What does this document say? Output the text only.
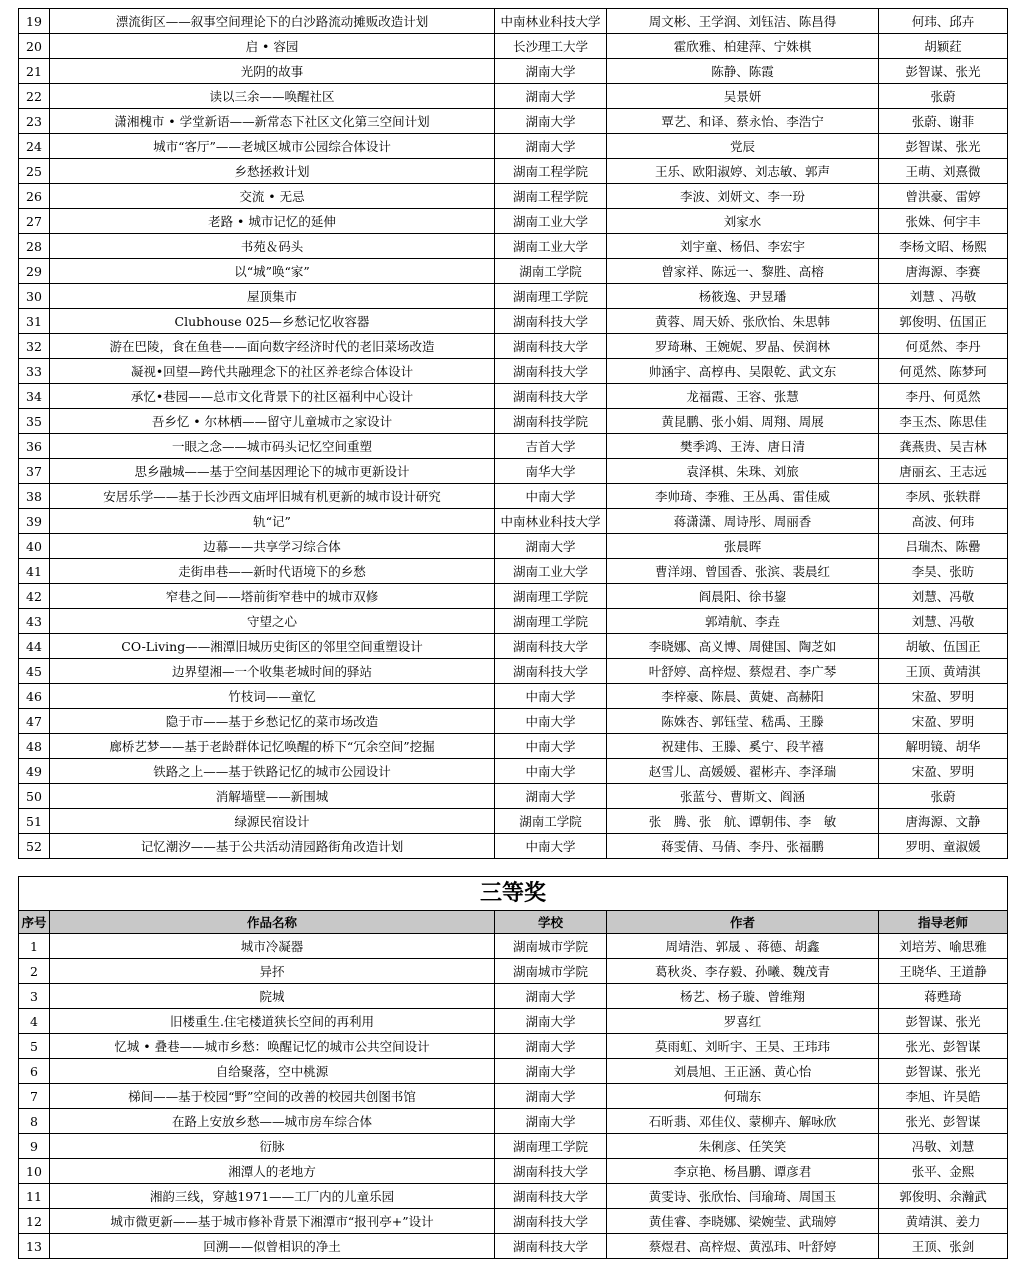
19	漂流街区——叙事空间理论下的白沙路流动摊贩改造计划	中南林业科技大学	周文彬、王学润、刘钰洁、陈昌得	何玮、邱卉
20	启 • 容园	长沙理工大学	霍欣雅、柏建萍、宁姝棋	胡颖荭
21	光阴的故事	湖南大学	陈静、陈霞	彭智谋、张光
22	读以三余——唤醒社区	湖南大学	吴景妍	张蔚
23	潇湘槐市 • 学堂新语——新常态下社区文化第三空间计划	湖南大学	覃艺、和译、蔡永怡、李浩宁	张蔚、谢菲
24	城市“客厅”——老城区城市公园综合体设计	湖南大学	党辰	彭智谋、张光
25	乡愁拯救计划	湖南工程学院	王乐、欧阳淑婷、刘志敏、郭声	王萌、刘熹微
26	交流 • 无忌	湖南工程学院	李波、刘妍文、李一玢	曾洪豪、雷婷
27	老路 • 城市记忆的延伸	湖南工业大学	刘家水	张姝、何宇丰
28	书苑＆码头	湖南工业大学	刘宇童、杨侣、李宏宇	李杨文昭、杨熙
29	以“城”唤“家”	湖南工学院	曾家祥、陈远一、黎胜、高榕	唐海源、李赛
30	屋顶集市	湖南理工学院	杨筱逸、尹昱璠	刘慧 、冯敬
31	Clubhouse 025—乡愁记忆收容器	湖南科技大学	黄蓉、周天娇、张欣怡、朱思韩	郭俊明、伍国正
32	游在巴陵，食在鱼巷——面向数字经济时代的老旧菜场改造	湖南科技大学	罗琦琳、王婉妮、罗晶、侯润林	何觅然、李丹
33	凝视•回望—跨代共融理念下的社区养老综合体设计	湖南科技大学	帅涵宇、高椁冉、吴限乾、武文东	何觅然、陈梦珂
34	承忆•巷园——总市文化背景下的社区福利中心设计	湖南科技大学	龙福霞、王容、张慧	李丹、何觅然
35	吾乡忆 • 尔林栖——留守儿童城市之家设计	湖南科技学院	黄昆鹏、张小娟、周翔、周展	李玉杰、陈思佳
36	一眼之念——城市码头记忆空间重塑	吉首大学	樊季鸿、王涛、唐日清	龚燕贵、吴吉林
37	思乡融城——基于空间基因理论下的城市更新设计	南华大学	袁泽棋、朱珠、刘旅	唐丽玄、王志远
38	安居乐学——基于长沙西文庙坪旧城有机更新的城市设计研究	中南大学	李帅琦、李雅、王丛禹、雷佳威	李夙、张轶群
39	轨“记”	中南林业科技大学	蒋潇潇、周诗彤、周丽香	高波、何玮
40	边幕——共享学习综合体	湖南大学	张晨晖	吕瑞杰、陈罍
41	走街串巷——新时代语境下的乡愁	湖南工业大学	曹洋翊、曾国香、张滨、裴晨红	李昊、张昉
42	窄巷之间——塔前街窄巷中的城市双修	湖南理工学院	阎晨阳、徐书鋆	刘慧、冯敬
43	守望之心	湖南理工学院	郭靖航、李垚	刘慧、冯敬
44	CO-Living——湘潭旧城历史街区的邻里空间重塑设计	湖南科技大学	李晓娜、高义博、周健国、陶芝如	胡敏、伍国正
45	边界望湘—一个收集老城时间的驿站	湖南科技大学	叶舒婷、高梓煜、蔡煜君、李广琴	王顶、黄靖淇
46	竹枝词——童忆	中南大学	李梓豪、陈晨、黄婕、高赫阳	宋盈、罗明
47	隐于市——基于乡愁记忆的菜市场改造	中南大学	陈姝杏、郭钰莹、嵇禹、王滕	宋盈、罗明
48	廊桥艺梦——基于老龄群体记忆唤醒的桥下“冗余空间”挖掘	中南大学	祝建伟、王滕、奚宁、段芊禧	解明镜、胡华
49	铁路之上——基于铁路记忆的城市公园设计	中南大学	赵雪儿、高媛媛、翟彬卉、李泽瑞	宋盈、罗明
50	消解墙壁——新围城	湖南大学	张蓝兮、曹斯文、阎涵	张蔚
51	绿源民宿设计	湖南工学院	张　腾、张　航、谭朝伟、李　敏	唐海源、文静
52	记忆潮汐——基于公共活动清园路街角改造计划	中南大学	蒋雯倩、马倩、李丹、张福鹏	罗明、童淑媛
三等奖				
序号	作品名称	学校	作者	指导老师
1	城市冷凝器	湖南城市学院	周靖浩、郭晟 、蒋德、胡鑫	刘培芳、喻思雅
2	异抔	湖南城市学院	葛秋炎、李存毅、孙曦、魏茂青	王晓华、王道静
3	院城	湖南大学	杨艺、杨子璇、曾维翔	蒋甦琦
4	旧楼重生.住宅楼道狭长空间的再利用	湖南大学	罗喜红	彭智谋、张光
5	忆城 • 叠巷——城市乡愁：唤醒记忆的城市公共空间设计	湖南大学	莫雨虹、刘昕宇、王昊、王玮玮	张光、彭智谋
6	自给聚落，空中桃源	湖南大学	刘晨旭、王正涵、黄心怡	彭智谋、张光
7	梯间——基于校园“野”空间的改善的校园共创图书馆	湖南大学	何瑞东	李旭、许昊皓
8	在路上安放乡愁——城市房车综合体	湖南大学	石昕翡、邓佳仪、蒙柳卉、解咏欣	张光、彭智谋
9	衍脉	湖南理工学院	朱俐彦、任笑笑	冯敬、刘慧
10	湘潭人的老地方	湖南科技大学	李京艳、杨昌鹏、谭彦君	张平、金熙
11	湘韵三线，穿越1971——工厂内的儿童乐园	湖南科技大学	黄雯诗、张欣怡、闫瑜琦、周国玉	郭俊明、余瀚武
12	城市微更新——基于城市修补背景下湘潭市“报刊亭+”设计	湖南科技大学	黄佳睿、李晓娜、梁婉莹、武瑞婷	黄靖淇、姜力
13	回溯——似曾相识的净土	湖南科技大学	蔡煜君、高梓煜、黄泓玮、叶舒婷	王顶、张剑
